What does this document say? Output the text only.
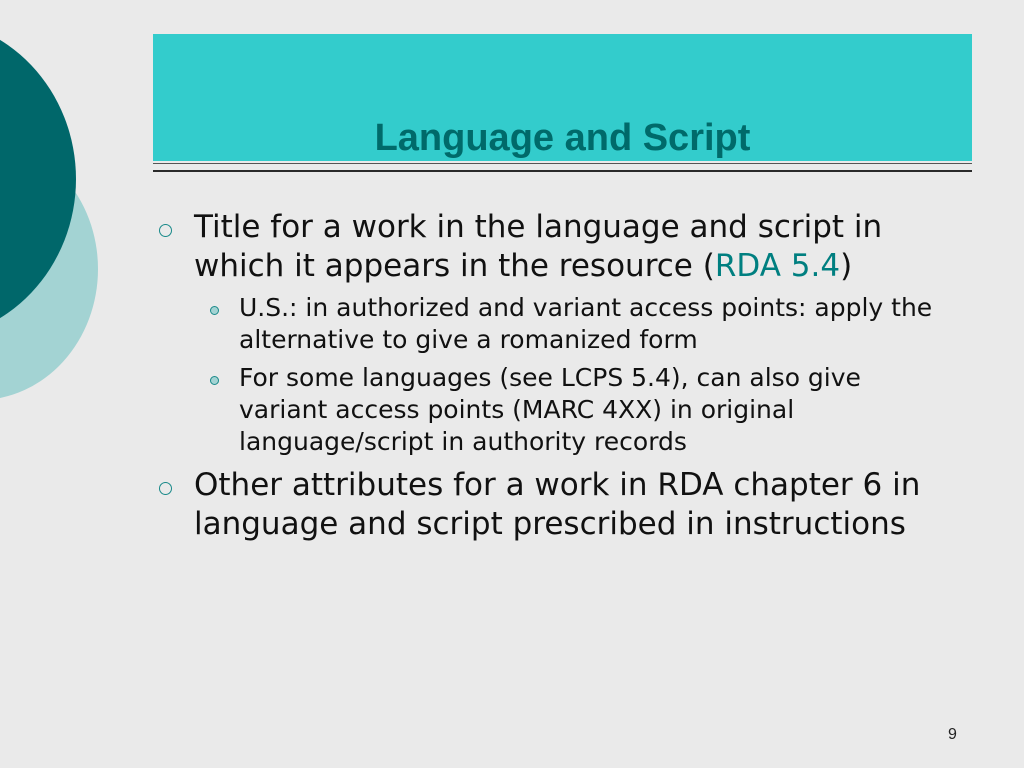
Language and Script
Title for a work in the language and script in which it appears in the resource (RDA 5.4)
U.S.: in authorized and variant access points: apply the alternative to give a romanized form
For some languages (see LCPS 5.4), can also give variant access points (MARC 4XX) in original language/script in authority records
Other attributes for a work in RDA chapter 6 in language and script prescribed in instructions
9
